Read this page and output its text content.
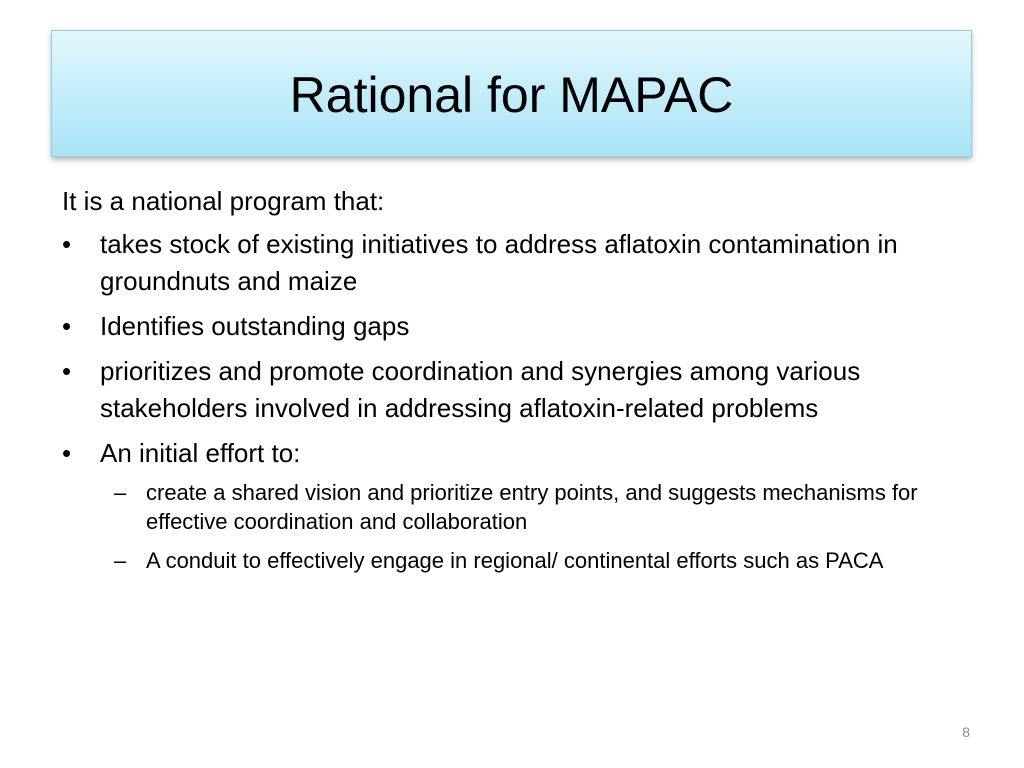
Rational for MAPAC

It is a national program that:

•	takes stock of existing initiatives to address aflatoxin contamination in groundnuts and maize
•	Identifies outstanding gaps
•	prioritizes and promote coordination and synergies among various stakeholders involved in addressing aflatoxin-related problems
•	An initial effort to:
– create a shared vision and prioritize entry points, and suggests mechanisms for effective coordination and collaboration
– A conduit to effectively engage in regional/ continental efforts such as PACA
8
